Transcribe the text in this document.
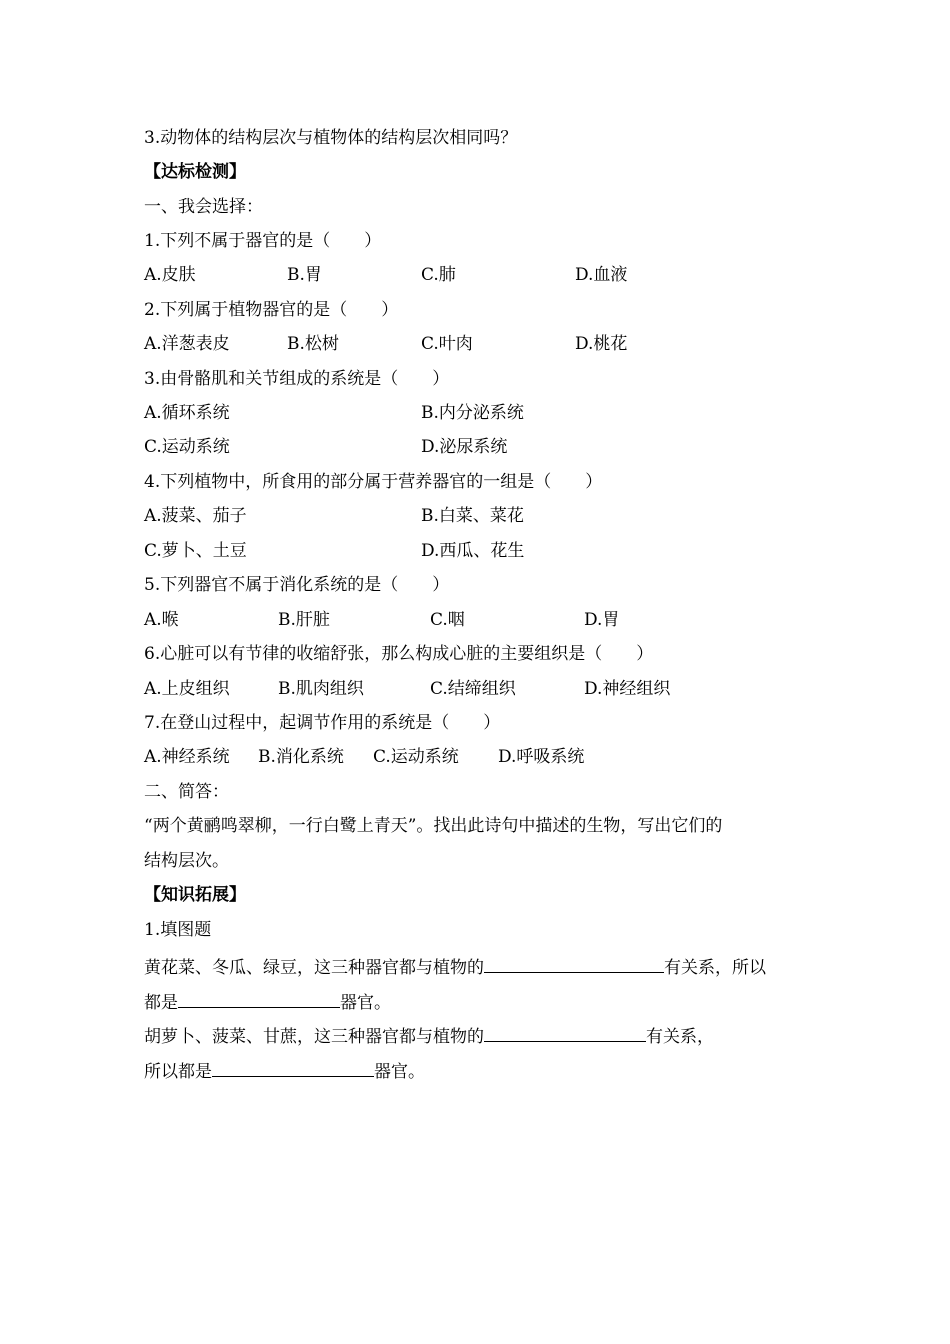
3.动物体的结构层次与植物体的结构层次相同吗？
【达标检测】
一、我会选择：
1.下列不属于器官的是（　　）
A.皮肤	B.胃	C.肺	D.血液
2.下列属于植物器官的是（　　）
A.洋葱表皮	B.松树	C.叶肉	D.桃花
3.由骨骼肌和关节组成的系统是（　　）
A.循环系统	B.内分泌系统
C.运动系统	D.泌尿系统
4.下列植物中，所食用的部分属于营养器官的一组是（　　）
A.菠菜、茄子	B.白菜、菜花
C.萝卜、土豆	D.西瓜、花生
5.下列器官不属于消化系统的是（　　）
A.喉	B.肝脏	C.咽	D.胃
6.心脏可以有节律的收缩舒张，那么构成心脏的主要组织是（　　）
A.上皮组织	B.肌肉组织	C.结缔组织	D.神经组织
7.在登山过程中，起调节作用的系统是（　　）
A.神经系统 B.消化系统 C.运动系统 D.呼吸系统
二、简答：
“两个黄鹂鸣翠柳，一行白鹭上青天”。找出此诗句中描述的生物，写出它们的
结构层次。
【知识拓展】
1.填图题
黄花菜、冬瓜、绿豆，这三种器官都与植物的	有关系，所以
都是	器官。
胡萝卜、菠菜、甘蔗，这三种器官都与植物的	有关系，
所以都是	器官。
